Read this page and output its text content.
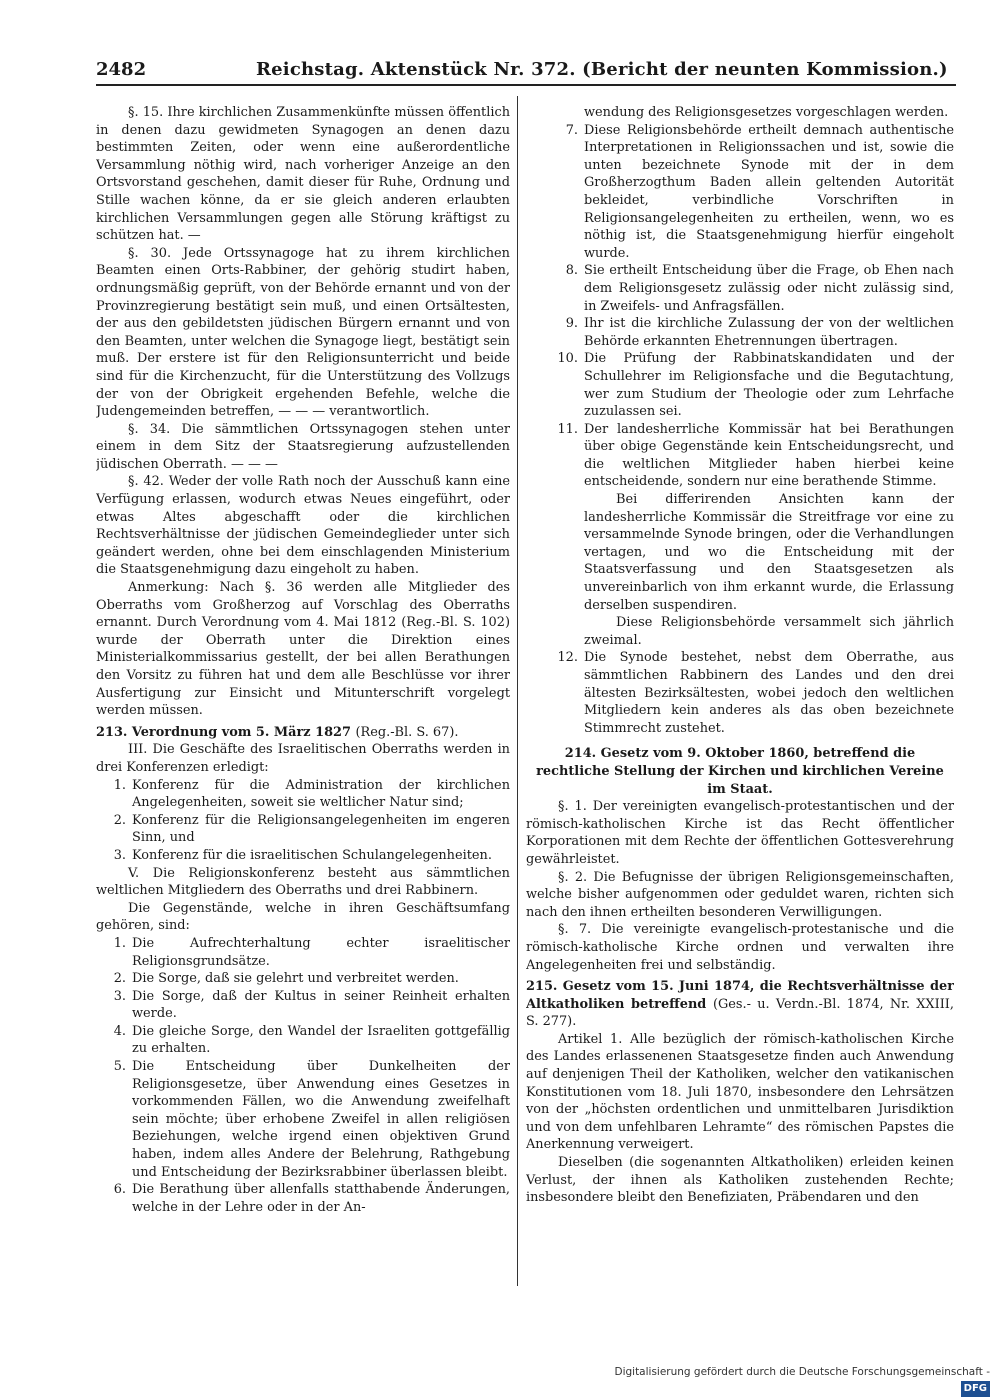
2482	Reichstag. Aktenstück Nr. 372. (Bericht der neunten Kommission.)

§. 15. Ihre kirchlichen Zusammenkünfte müssen öffentlich in denen dazu gewidmeten Synagogen an denen dazu bestimmten Zeiten, oder wenn eine außerordentliche Versammlung nöthig wird, nach vorheriger Anzeige an den Ortsvorstand geschehen, damit dieser für Ruhe, Ordnung und Stille wachen könne, da er sie gleich anderen erlaubten kirchlichen Versammlungen gegen alle Störung kräftigst zu schützen hat. —

§. 30. Jede Ortssynagoge hat zu ihrem kirchlichen Beamten einen Orts-Rabbiner, der gehörig studirt haben, ordnungsmäßig geprüft, von der Behörde ernannt und von der Provinzregierung bestätigt sein muß, und einen Ortsältesten, der aus den gebildetsten jüdischen Bürgern ernannt und von den Beamten, unter welchen die Synagoge liegt, bestätigt sein muß. Der erstere ist für den Religionsunterricht und beide sind für die Kirchenzucht, für die Unterstützung des Vollzugs der von der Obrigkeit ergehenden Befehle, welche die Judengemeinden betreffen, — — — verantwortlich.

§. 34. Die sämmtlichen Ortssynagogen stehen unter einem in dem Sitz der Staatsregierung aufzustellenden jüdischen Oberrath. — — —

§. 42. Weder der volle Rath noch der Ausschuß kann eine Verfügung erlassen, wodurch etwas Neues eingeführt, oder etwas Altes abgeschafft oder die kirchlichen Rechtsverhältnisse der jüdischen Gemeindeglieder unter sich geändert werden, ohne bei dem einschlagenden Ministerium die Staatsgenehmigung dazu eingeholt zu haben.

Anmerkung: Nach §. 36 werden alle Mitglieder des Oberraths vom Großherzog auf Vorschlag des Oberraths ernannt. Durch Verordnung vom 4. Mai 1812 (Reg.-Bl. S. 102) wurde der Oberrath unter die Direktion eines Ministerialkommissarius gestellt, der bei allen Berathungen den Vorsitz zu führen hat und dem alle Beschlüsse vor ihrer Ausfertigung zur Einsicht und Mitunterschrift vorgelegt werden müssen.

213. Verordnung vom 5. März 1827 (Reg.-Bl. S. 67).

III. Die Geschäfte des Israelitischen Oberraths werden in drei Konferenzen erledigt:

1. Konferenz für die Administration der kirchlichen Angelegenheiten, soweit sie weltlicher Natur sind;
2. Konferenz für die Religionsangelegenheiten im engeren Sinn, und
3. Konferenz für die israelitischen Schulangelegenheiten.

V. Die Religionskonferenz besteht aus sämmtlichen weltlichen Mitgliedern des Oberraths und drei Rabbinern.

Die Gegenstände, welche in ihren Geschäftsumfang gehören, sind:

1. Die Aufrechterhaltung echter israelitischer Religionsgrundsätze.
2. Die Sorge, daß sie gelehrt und verbreitet werden.
3. Die Sorge, daß der Kultus in seiner Reinheit erhalten werde.
4. Die gleiche Sorge, den Wandel der Israeliten gottgefällig zu erhalten.
5. Die Entscheidung über Dunkelheiten der Religionsgesetze, über Anwendung eines Gesetzes in vorkommenden Fällen, wo die Anwendung zweifelhaft sein möchte; über erhobene Zweifel in allen religiösen Beziehungen, welche irgend einen objektiven Grund haben, indem alles Andere der Belehrung, Rathgebung und Entscheidung der Bezirksrabbiner überlassen bleibt.
6. Die Berathung über allenfalls statthabende Änderungen, welche in der Lehre oder in der An-
wendung des Religionsgesetzes vorgeschlagen werden.
7. Diese Religionsbehörde ertheilt demnach authentische Interpretationen in Religionssachen und ist, sowie die unten bezeichnete Synode mit der in dem Großherzogthum Baden allein geltenden Autorität bekleidet, verbindliche Vorschriften in Religionsangelegenheiten zu ertheilen, wenn, wo es nöthig ist, die Staatsgenehmigung hierfür eingeholt wurde.
8. Sie ertheilt Entscheidung über die Frage, ob Ehen nach dem Religionsgesetz zulässig oder nicht zulässig sind, in Zweifels- und Anfragsfällen.
9. Ihr ist die kirchliche Zulassung der von der weltlichen Behörde erkannten Ehetrennungen übertragen.
10. Die Prüfung der Rabbinatskandidaten und der Schullehrer im Religionsfache und die Begutachtung, wer zum Studium der Theologie oder zum Lehrfache zuzulassen sei.
11. Der landesherrliche Kommissär hat bei Berathungen über obige Gegenstände kein Entscheidungsrecht, und die weltlichen Mitglieder haben hierbei keine entscheidende, sondern nur eine berathende Stimme.
Bei differirenden Ansichten kann der landesherrliche Kommissär die Streitfrage vor eine zu versammelnde Synode bringen, oder die Verhandlungen vertagen, und wo die Entscheidung mit der Staatsverfassung und den Staatsgesetzen als unvereinbarlich von ihm erkannt wurde, die Erlassung derselben suspendiren.
Diese Religionsbehörde versammelt sich jährlich zweimal.
12. Die Synode bestehet, nebst dem Oberrathe, aus sämmtlichen Rabbinern des Landes und den drei ältesten Bezirksältesten, wobei jedoch den weltlichen Mitgliedern kein anderes als das oben bezeichnete Stimmrecht zustehet.

214. Gesetz vom 9. Oktober 1860, betreffend die rechtliche Stellung der Kirchen und kirchlichen Vereine im Staat.

§. 1. Der vereinigten evangelisch-protestantischen und der römisch-katholischen Kirche ist das Recht öffentlicher Korporationen mit dem Rechte der öffentlichen Gottesverehrung gewährleistet.

§. 2. Die Befugnisse der übrigen Religionsgemeinschaften, welche bisher aufgenommen oder geduldet waren, richten sich nach den ihnen ertheilten besonderen Verwilligungen.

§. 7. Die vereinigte evangelisch-protestanische und die römisch-katholische Kirche ordnen und verwalten ihre Angelegenheiten frei und selbständig.

215. Gesetz vom 15. Juni 1874, die Rechtsverhältnisse der Altkatholiken betreffend (Ges.- u. Verdn.-Bl. 1874, Nr. XXIII, S. 277).

Artikel 1. Alle bezüglich der römisch-katholischen Kirche des Landes erlassenenen Staatsgesetze finden auch Anwendung auf denjenigen Theil der Katholiken, welcher den vatikanischen Konstitutionen vom 18. Juli 1870, insbesondere den Lehrsätzen von der „höchsten ordentlichen und unmittelbaren Jurisdiktion und von dem unfehlbaren Lehramte“ des römischen Papstes die Anerkennung verweigert.

Dieselben (die sogenannten Altkatholiken) erleiden keinen Verlust, der ihnen als Katholiken zustehenden Rechte; insbesondere bleibt den Benefiziaten, Präbendaren und den

Digitalisierung gefördert durch die Deutsche Forschungsgemeinschaft -DFG
